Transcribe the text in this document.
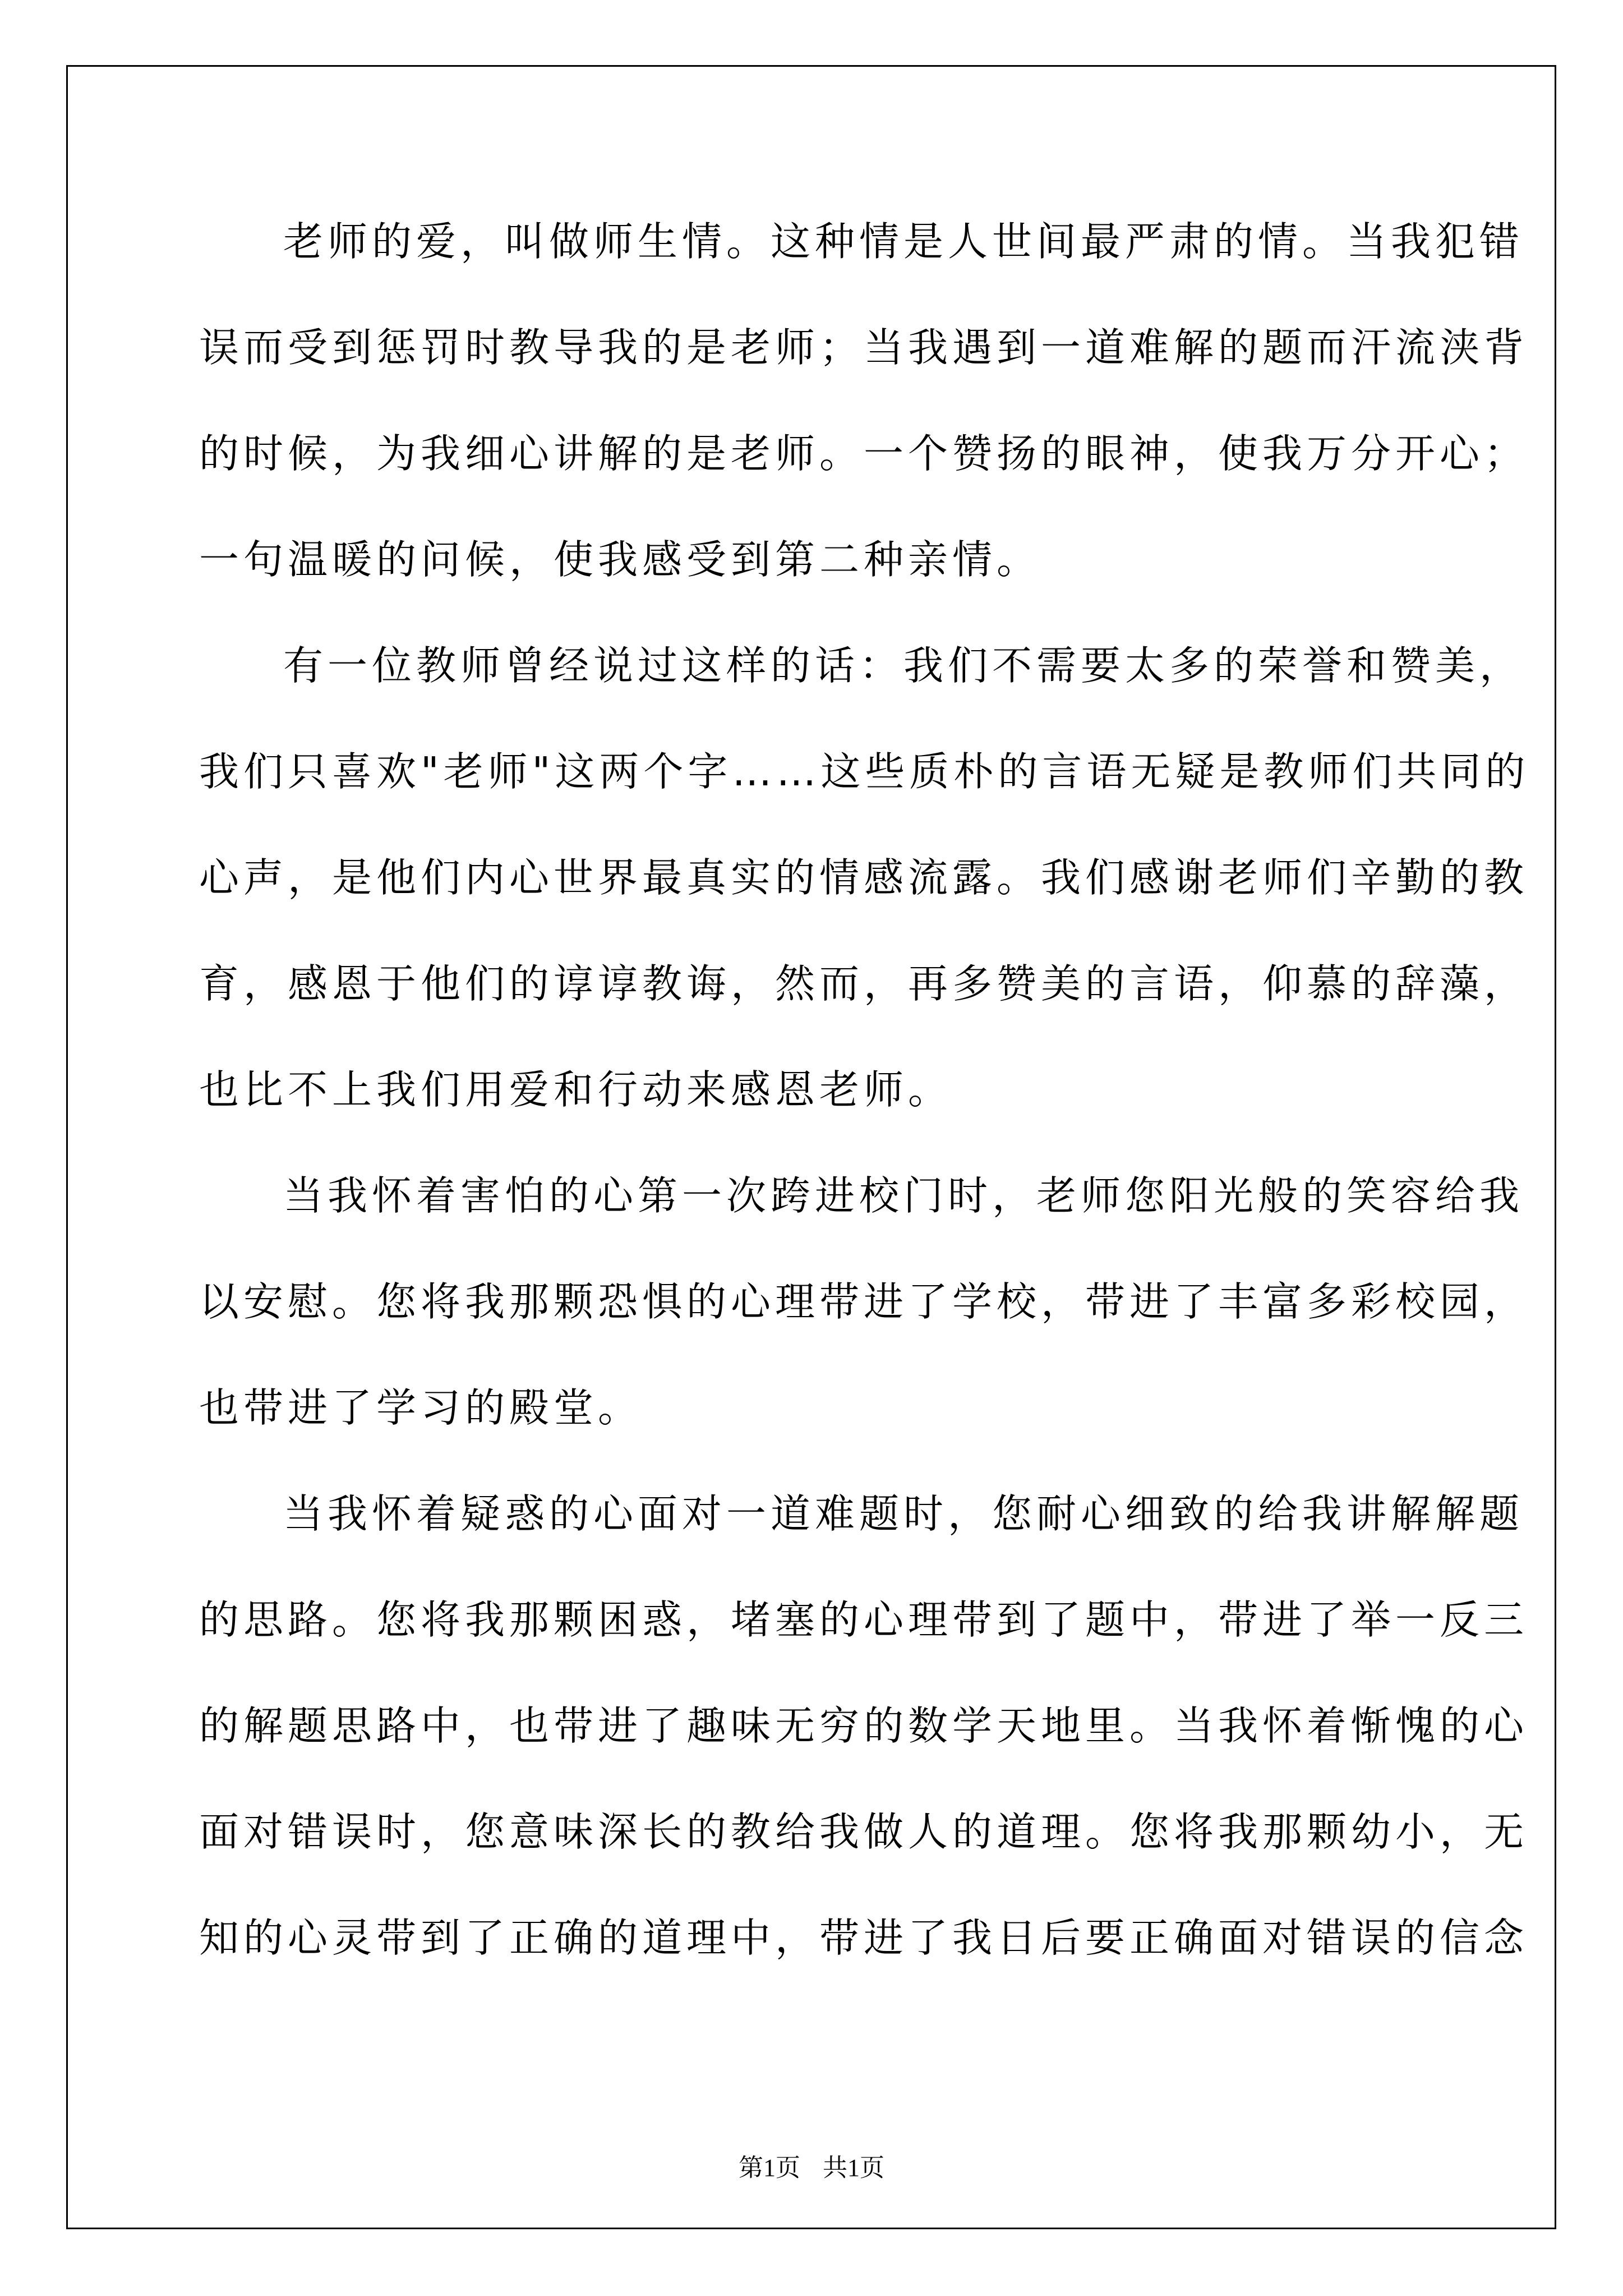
老师的爱，叫做师生情。这种情是人世间最严肃的情。当我犯错
误而受到惩罚时教导我的是老师；当我遇到一道难解的题而汗流浃背
的时候，为我细心讲解的是老师。一个赞扬的眼神，使我万分开心；
一句温暖的问候，使我感受到第二种亲情。
有一位教师曾经说过这样的话：我们不需要太多的荣誉和赞美，
我们只喜欢"老师"这两个字……这些质朴的言语无疑是教师们共同的
心声，是他们内心世界最真实的情感流露。我们感谢老师们辛勤的教
育，感恩于他们的谆谆教诲，然而，再多赞美的言语，仰慕的辞藻，
也比不上我们用爱和行动来感恩老师。
当我怀着害怕的心第一次跨进校门时，老师您阳光般的笑容给我
以安慰。您将我那颗恐惧的心理带进了学校，带进了丰富多彩校园，
也带进了学习的殿堂。
当我怀着疑惑的心面对一道难题时，您耐心细致的给我讲解解题
的思路。您将我那颗困惑，堵塞的心理带到了题中，带进了举一反三
的解题思路中，也带进了趣味无穷的数学天地里。当我怀着惭愧的心
面对错误时，您意味深长的教给我做人的道理。您将我那颗幼小，无
知的心灵带到了正确的道理中，带进了我日后要正确面对错误的信念
第1页 共1页
